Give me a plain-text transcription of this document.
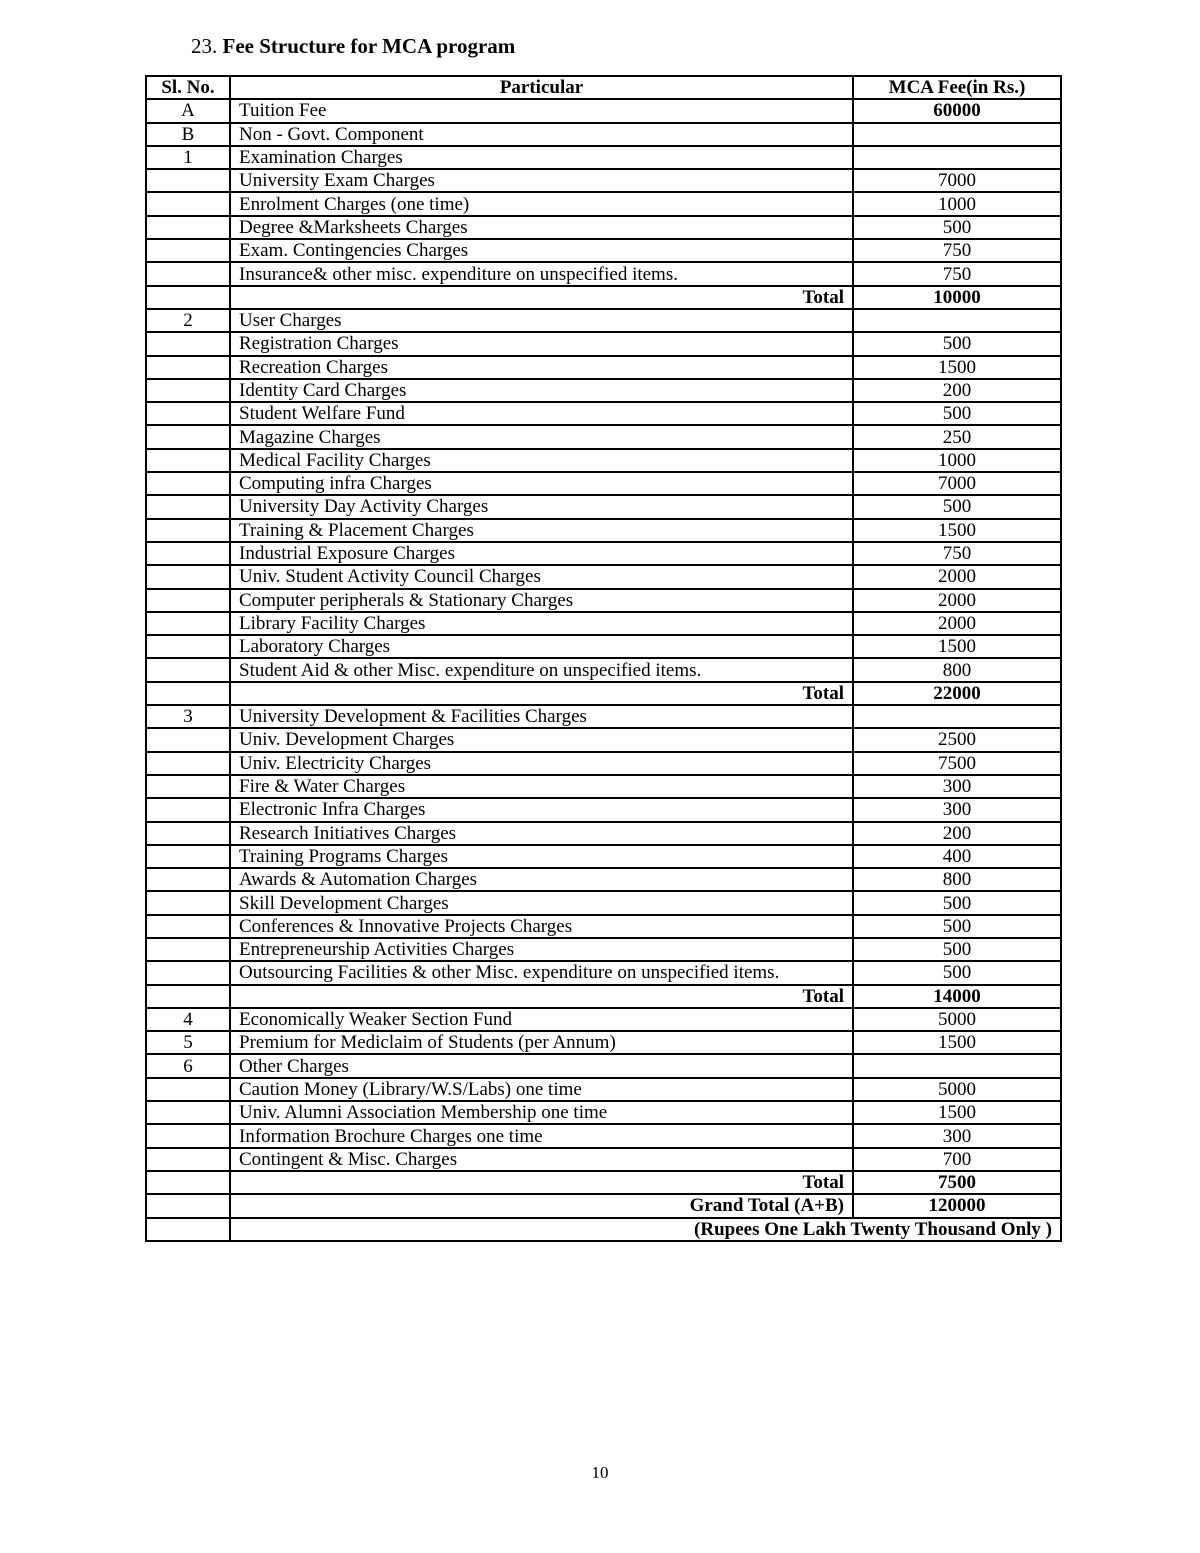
23. Fee Structure for MCA program
Sl. No.	Particular	MCA Fee(in Rs.)
A	Tuition Fee	60000
B	Non - Govt. Component	
1	Examination Charges	
	University Exam Charges	7000
	Enrolment Charges (one time)	1000
	Degree &Marksheets Charges	500
	Exam. Contingencies Charges	750
	Insurance& other misc. expenditure on unspecified items.	750
	Total	10000
2	User Charges	
	Registration Charges	500
	Recreation Charges	1500
	Identity Card Charges	200
	Student Welfare Fund	500
	Magazine Charges	250
	Medical Facility Charges	1000
	Computing infra Charges	7000
	University Day Activity Charges	500
	Training & Placement Charges	1500
	Industrial Exposure Charges	750
	Univ. Student Activity Council Charges	2000
	Computer peripherals & Stationary Charges	2000
	Library Facility Charges	2000
	Laboratory Charges	1500
	Student Aid & other Misc. expenditure on unspecified items.	800
	Total	22000
3	University Development & Facilities Charges	
	Univ. Development Charges	2500
	Univ. Electricity Charges	7500
	Fire & Water Charges	300
	Electronic Infra Charges	300
	Research Initiatives Charges	200
	Training Programs Charges	400
	Awards & Automation Charges	800
	Skill Development Charges	500
	Conferences & Innovative Projects Charges	500
	Entrepreneurship Activities Charges	500
	Outsourcing Facilities & other Misc. expenditure on unspecified items.	500
	Total	14000
4	Economically Weaker Section Fund	5000
5	Premium for Mediclaim of Students (per Annum)	1500
6	Other Charges	
	Caution Money (Library/W.S/Labs) one time	5000
	Univ. Alumni Association Membership one time	1500
	Information Brochure Charges one time	300
	Contingent & Misc. Charges	700
	Total	7500
	Grand Total (A+B)	120000
	(Rupees One Lakh Twenty Thousand Only )	
10
